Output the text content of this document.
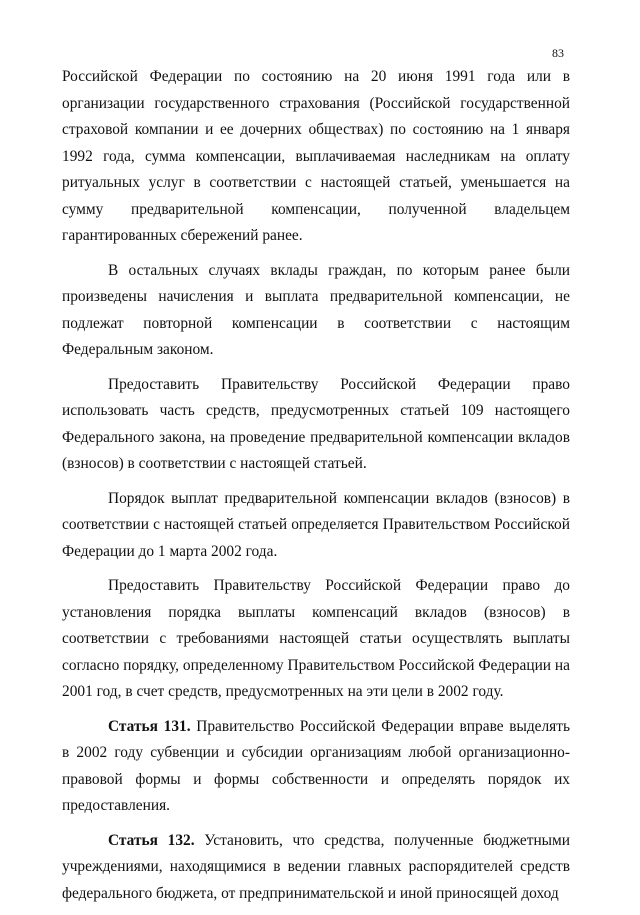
83

Российской Федерации по состоянию на 20 июня 1991 года или в организации государственного страхования (Российской государственной страховой компании и ее дочерних обществах) по состоянию на 1 января 1992 года, сумма компенсации, выплачиваемая наследникам на оплату ритуальных услуг в соответствии с настоящей статьей, уменьшается на сумму предварительной компенсации, полученной владельцем гарантированных сбережений ранее.

В остальных случаях вклады граждан, по которым ранее были произведены начисления и выплата предварительной компенсации, не подлежат повторной компенсации в соответствии с настоящим Федеральным законом.

Предоставить Правительству Российской Федерации право использовать часть средств, предусмотренных статьей 109 настоящего Федерального закона, на проведение предварительной компенсации вкладов (взносов) в соответствии с настоящей статьей.

Порядок выплат предварительной компенсации вкладов (взносов) в соответствии с настоящей статьей определяется Правительством Российской Федерации до 1 марта 2002 года.

Предоставить Правительству Российской Федерации право до установления порядка выплаты компенсаций вкладов (взносов) в соответствии с требованиями настоящей статьи осуществлять выплаты согласно порядку, определенному Правительством Российской Федерации на 2001 год, в счет средств, предусмотренных на эти цели в 2002 году.

Статья 131. Правительство Российской Федерации вправе выделять в 2002 году субвенции и субсидии организациям любой организационно-правовой формы и формы собственности и определять порядок их предоставления.

Статья 132. Установить, что средства, полученные бюджетными учреждениями, находящимися в ведении главных распорядителей средств федерального бюджета, от предпринимательской и иной приносящей доход
